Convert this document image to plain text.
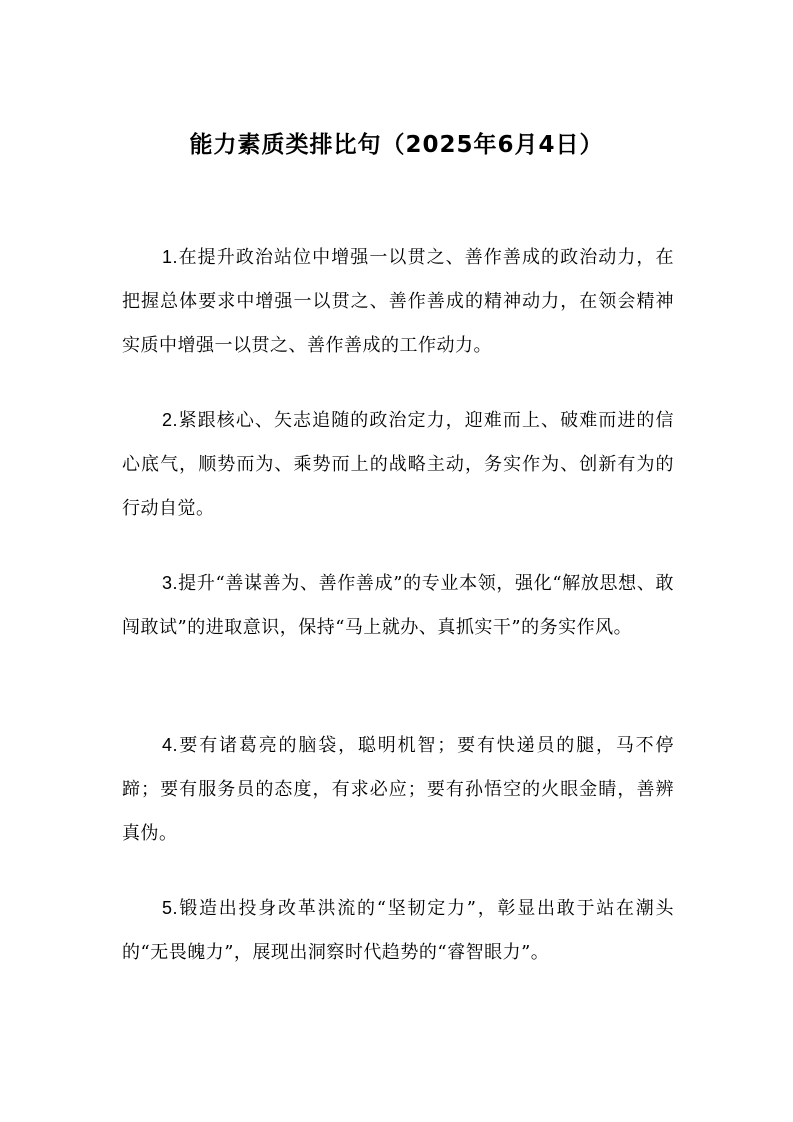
能力素质类排比句（2025年6月4日）

1.在提升政治站位中增强一以贯之、善作善成的政治动力，在把握总体要求中增强一以贯之、善作善成的精神动力，在领会精神实质中增强一以贯之、善作善成的工作动力。

2.紧跟核心、矢志追随的政治定力，迎难而上、破难而进的信心底气，顺势而为、乘势而上的战略主动，务实作为、创新有为的行动自觉。

3.提升“善谋善为、善作善成”的专业本领，强化“解放思想、敢闯敢试”的进取意识，保持“马上就办、真抓实干”的务实作风。

4.要有诸葛亮的脑袋，聪明机智；要有快递员的腿，马不停蹄；要有服务员的态度，有求必应；要有孙悟空的火眼金睛，善辨真伪。

5.锻造出投身改革洪流的“坚韧定力”，彰显出敢于站在潮头的“无畏魄力”，展现出洞察时代趋势的“睿智眼力”。
